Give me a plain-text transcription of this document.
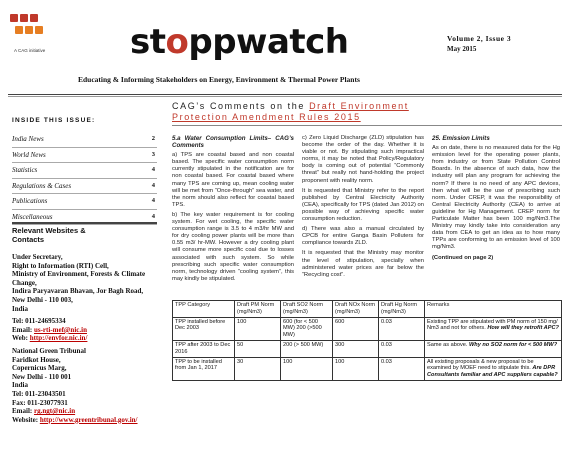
A CAG initiative stoppwatch	Volume 2, Issue 3
May 2015
Educating & Informing Stakeholders on Energy, Environment & Thermal Power Plants
INSIDE THIS ISSUE:
India News	2
World News	3
Statistics	4
Regulations & Cases	4
Publications	4
Miscellaneous	4
Relevant Websites &
Contacts
Under Secretary,
Right to Information (RTI) Cell,
Ministry of Environment, Forests & Climate Change,
Indira Paryavaran Bhavan, Jor Bagh Road,
New Delhi - 110 003,
India
Tel: 011-24695334
Email: us-rti-mef@nic.in
Web: http://envfor.nic.in/
National Green Tribunal
Faridkot House,
Copernicus Marg,
New Delhi - 110 001
India
Tel: 011-23043501
Fax: 011-23077931
Email: rg.ngt@nic.in
Website: http://www.greentribunal.gov.in/
CAG’s Comments on the Draft Environment
Protection Amendment Rules 2015

5.a Water Consumption Limits– CAG’s Comments

a) TPS are coastal based and non coastal based. The specific water consumption norm currently stipulated in the notification are for non coastal based. For coastal based where many TPS are coming up, mean cooling water will be met from “Once-through” sea water, and the norm should also reflect for coastal based TPS.

b) The key water requirement is for cooling system. For wet cooling, the specific water consumption range is 3.5 to 4 m3/hr MW and for dry cooling power plants will be more than 0.55 m3/ hr-MW. However a dry cooling plant will consume more specific coal due to losses associated with such system. So while prescribing such specific water consumption norm, technology driven “cooling system”, this may kindly be stipulated.

c) Zero Liquid Discharge (ZLD) stipulation has become the order of the day. Whether it is viable or not. By stipulating such impractical norms, it may be noted that Policy/Regulatory body is coming out of potential “Commonly threat” but really not hand-holding the project proponent with reality norm.

It is requested that Ministry refer to the report published by Central Electricity Authority (CEA), specifically for TPS (dated Jan 2012) on possible way of achieving specific water consumption reduction.

d) There was also a manual circulated by CPCB for entire Ganga Basin Polluters for compliance towards ZLD.

It is requested that the Ministry may monitor the level of stipulation, specially when administered water prices are far below the “Recycling cost”.

25. Emission Limits

As on date, there is no measured data for the Hg emission level for the operating power plants, from industry or from State Pollution Control Boards. In the absence of such data, how the industry will plan any program for achieving the norm? If there is no need of any APC devices, then what will be the use of prescribing such norm. Under CREP, it was the responsibility of Central Electricity Authority (CEA) to arrive at guideline for Hg Management. CREP norm for Particulate Matter has been 100 mg/Nm3.The Ministry may kindly take into consideration any data from CEA to get an idea as to how many TPPs are conforming to an emission level of 100 mg/Nm3.

(Continued on page 2)

TPP Category	Draft PM Norm (mg/Nm3)	Draft SO2 Norm (mg/Nm3)	Draft NOx Norm (mg/Nm3)	Draft Hg Norm (mg/Nm3)	Remarks
TPP installed before Dec 2003	100	600 (for < 500 MW) 200 (>500 MW)	600	0.03	Existing TPP are stipulated with PM norm of 150 mg/ Nm3 and not for others. How will they retrofit APC?
TPP after 2003 to Dec 2016	50	200 (> 500 MW)	300	0.03	Same as above. Why no SO2 norm for < 500 MW?
TPP to be installed from Jan 1, 2017	30	100	100	0.03	All existing proposals & new proposal to be examined by MOEF need to stipulate this. Are DPR Consultants familiar and APC suppliers capable?
